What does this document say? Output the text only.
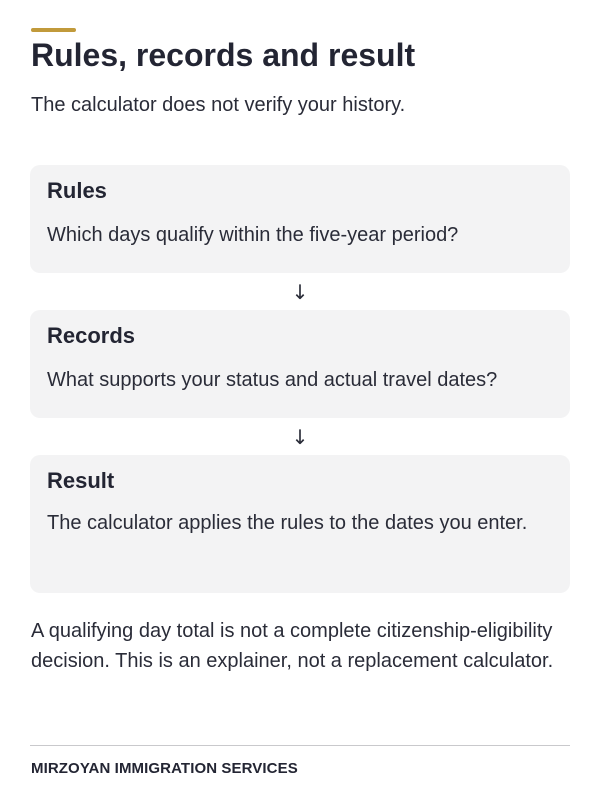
Rules, records and result

The calculator does not verify your history.

Rules

Which days qualify within the five-year period?

↓
Records

What supports your status and actual travel dates?

↓
Result

The calculator applies the rules to the dates you enter.

A qualifying day total is not a complete citizenship-eligibility decision. This is an explainer, not a replacement calculator.

MIRZOYAN IMMIGRATION SERVICES
